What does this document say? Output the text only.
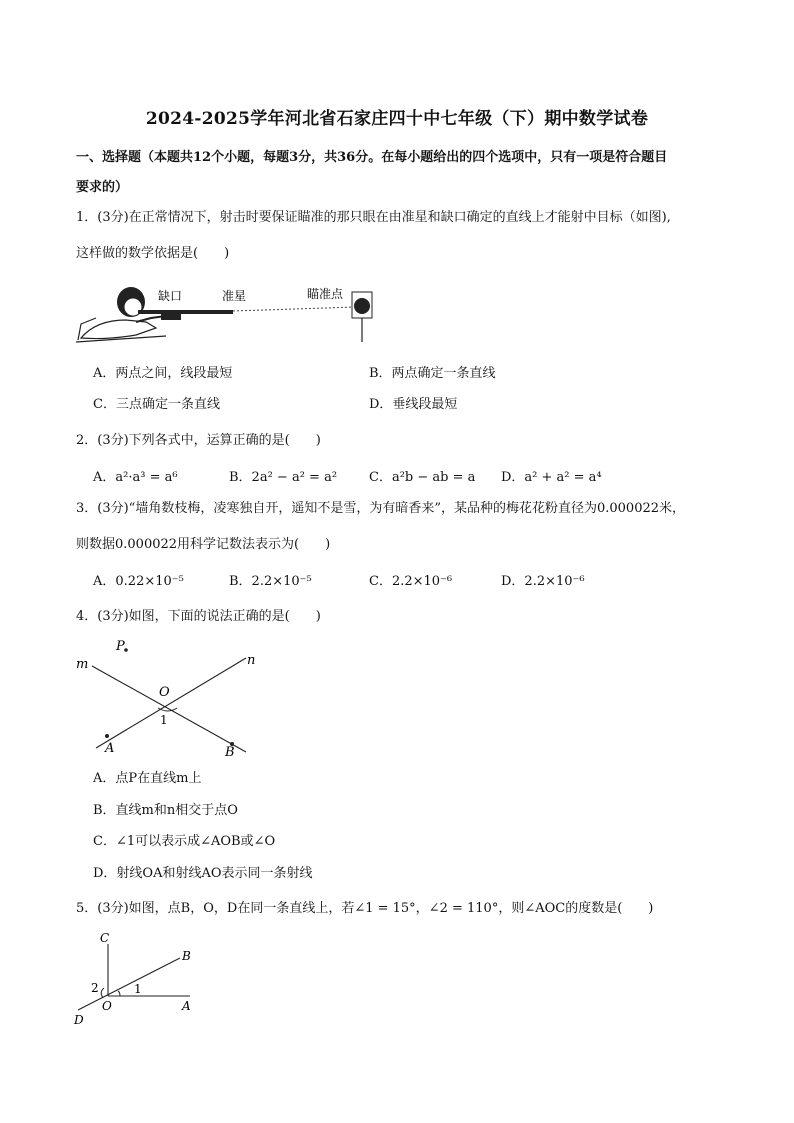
2024-2025学年河北省石家庄四十中七年级（下）期中数学试卷
一、选择题（本题共12个小题，每题3分，共36分。在每小题给出的四个选项中，只有一项是符合题目
要求的）
1．(3分)在正常情况下，射击时要保证瞄准的那只眼在由准星和缺口确定的直线上才能射中目标（如图),
这样做的数学依据是(　　)
缺口	准星	瞄准点
A．两点之间，线段最短	B．两点确定一条直线
C．三点确定一条直线	D．垂线段最短
2．(3分)下列各式中，运算正确的是(　　)
A．a²·a³ = a⁶	B．2a² − a² = a² C．a²b − ab = a D．a² + a² = a⁴
3．(3分)“墙角数枝梅，凌寒独自开，遥知不是雪，为有暗香来”，某品种的梅花花粉直径为0.000022米，
则数据0.000022用科学记数法表示为(　　)
A．0.22×10⁻⁵	B．2.2×10⁻⁵	C．2.2×10⁻⁶	D．2.2×10⁻⁶
4．(3分)如图，下面的说法正确的是(　　)
P
m	n
O
1
A	B
A．点P在直线m上
B．直线m和n相交于点O
C．∠1可以表示成∠AOB或∠O
D．射线OA和射线AO表示同一条射线
5．(3分)如图，点B，O，D在同一条直线上，若∠1 = 15°，∠2 = 110°，则∠AOC的度数是(　　)
C
B
2	1
O	A
D
